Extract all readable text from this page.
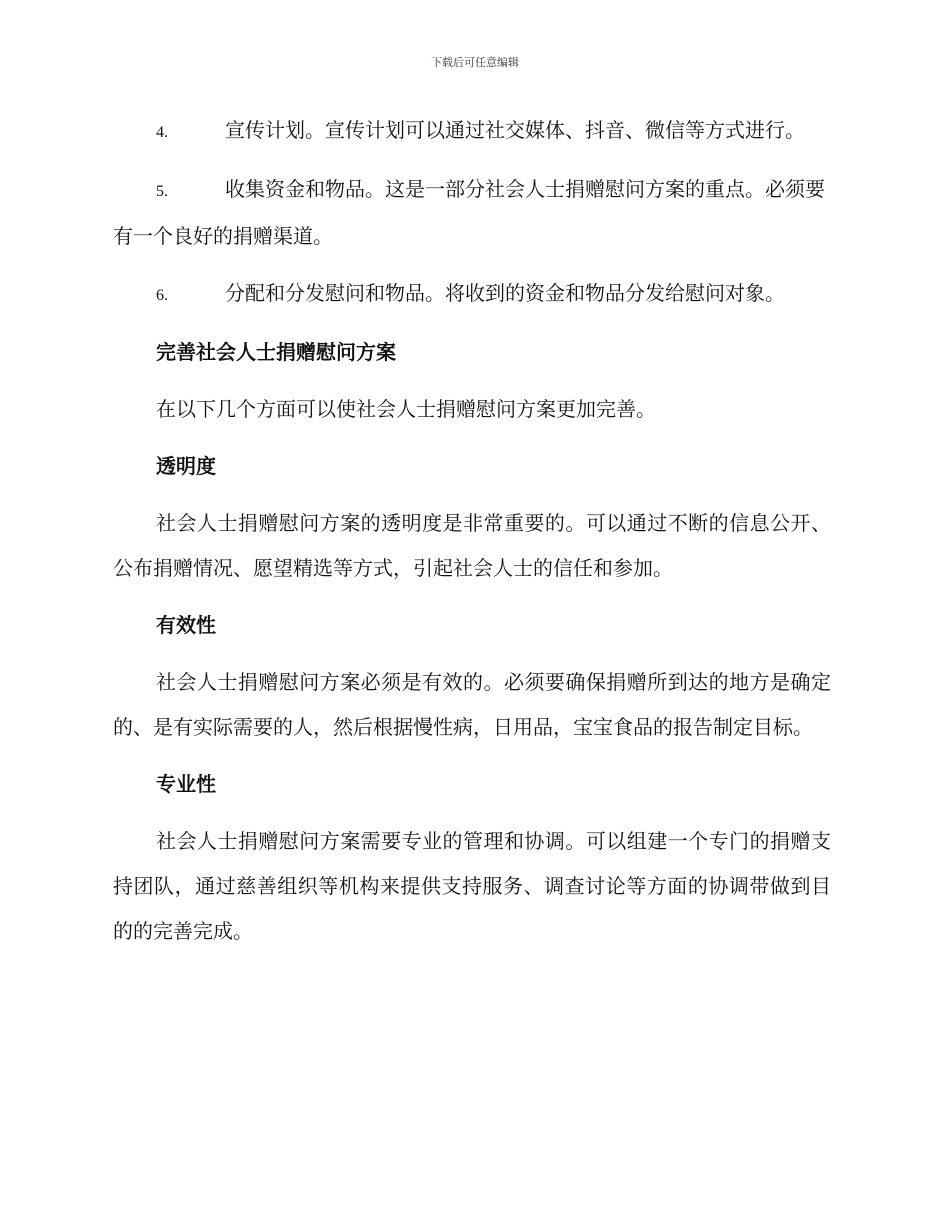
下载后可任意编辑
4.	宣传计划。宣传计划可以通过社交媒体、抖音、微信等方式进行。
5.	收集资金和物品。这是一部分社会人士捐赠慰问方案的重点。必须要有一个良好的捐赠渠道。
6.	分配和分发慰问和物品。将收到的资金和物品分发给慰问对象。
完善社会人士捐赠慰问方案
在以下几个方面可以使社会人士捐赠慰问方案更加完善。
透明度
社会人士捐赠慰问方案的透明度是非常重要的。可以通过不断的信息公开、公布捐赠情况、愿望精选等方式，引起社会人士的信任和参加。
有效性
社会人士捐赠慰问方案必须是有效的。必须要确保捐赠所到达的地方是确定的、是有实际需要的人，然后根据慢性病，日用品，宝宝食品的报告制定目标。
专业性
社会人士捐赠慰问方案需要专业的管理和协调。可以组建一个专门的捐赠支持团队，通过慈善组织等机构来提供支持服务、调查讨论等方面的协调带做到目的的完善完成。
